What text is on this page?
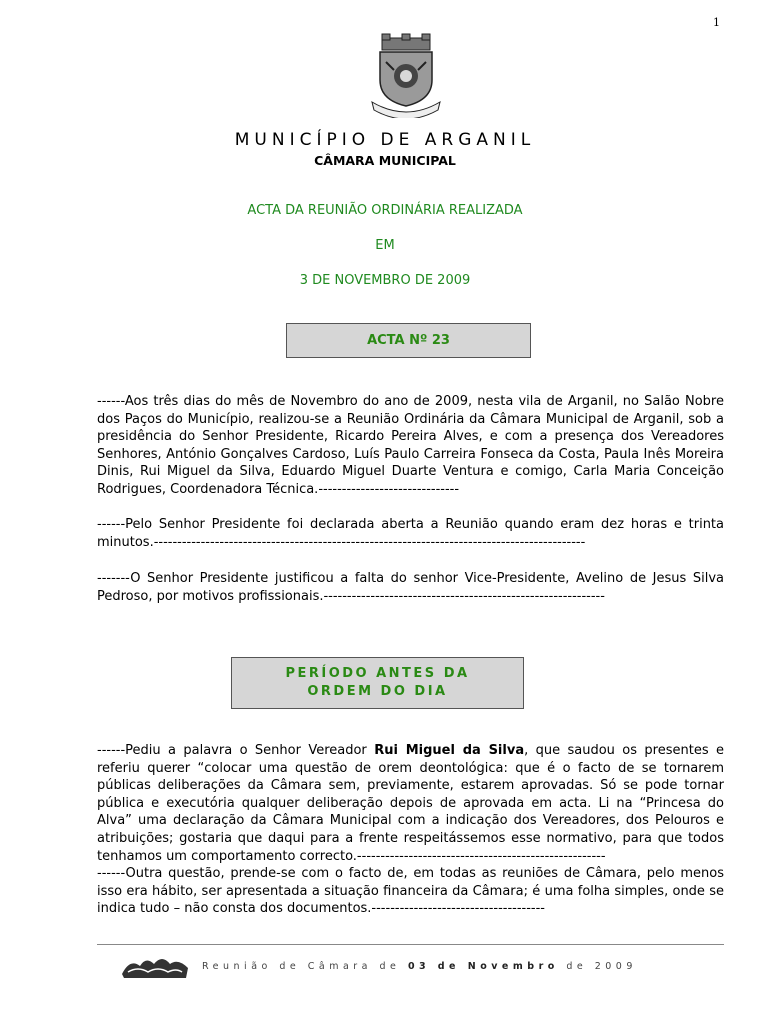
1
MUNICÍPIO DE ARGANIL
CÂMARA MUNICIPAL
ACTA DA REUNIÃO ORDINÁRIA REALIZADA
EM
3 DE NOVEMBRO DE 2009
ACTA Nº 23

------Aos três dias do mês de Novembro do ano de 2009, nesta vila de Arganil, no Salão Nobre dos Paços do Município, realizou-se a Reunião Ordinária da Câmara Municipal de Arganil, sob a presidência do Senhor Presidente, Ricardo Pereira Alves, e com a presença dos Vereadores Senhores, António Gonçalves Cardoso, Luís Paulo Carreira Fonseca da Costa, Paula Inês Moreira Dinis, Rui Miguel da Silva, Eduardo Miguel Duarte Ventura e comigo, Carla Maria Conceição Rodrigues, Coordenadora Técnica.------------------------------

------Pelo Senhor Presidente foi declarada aberta a Reunião quando eram dez horas e trinta minutos.--------------------------------------------------------------------------------------------

-------O Senhor Presidente justificou a falta do senhor Vice-Presidente, Avelino de Jesus Silva Pedroso, por motivos profissionais.------------------------------------------------------------

PERÍODO ANTES DA
ORDEM DO DIA

------Pediu a palavra o Senhor Vereador Rui Miguel da Silva, que saudou os presentes e referiu querer “colocar uma questão de orem deontológica: que é o facto de se tornarem públicas deliberações da Câmara sem, previamente, estarem aprovadas. Só se pode tornar pública e executória qualquer deliberação depois de aprovada em acta. Li na “Princesa do Alva” uma declaração da Câmara Municipal com a indicação dos Vereadores, dos Pelouros e atribuições; gostaria que daqui para a frente respeitássemos esse normativo, para que todos tenhamos um comportamento correcto.-----------------------------------------------------

------Outra questão, prende-se com o facto de, em todas as reuniões de Câmara, pelo menos isso era hábito, ser apresentada a situação financeira da Câmara; é uma folha simples, onde se indica tudo – não consta dos documentos.-------------------------------------

Reunião de Câmara de 03 de Novembro de 2009
